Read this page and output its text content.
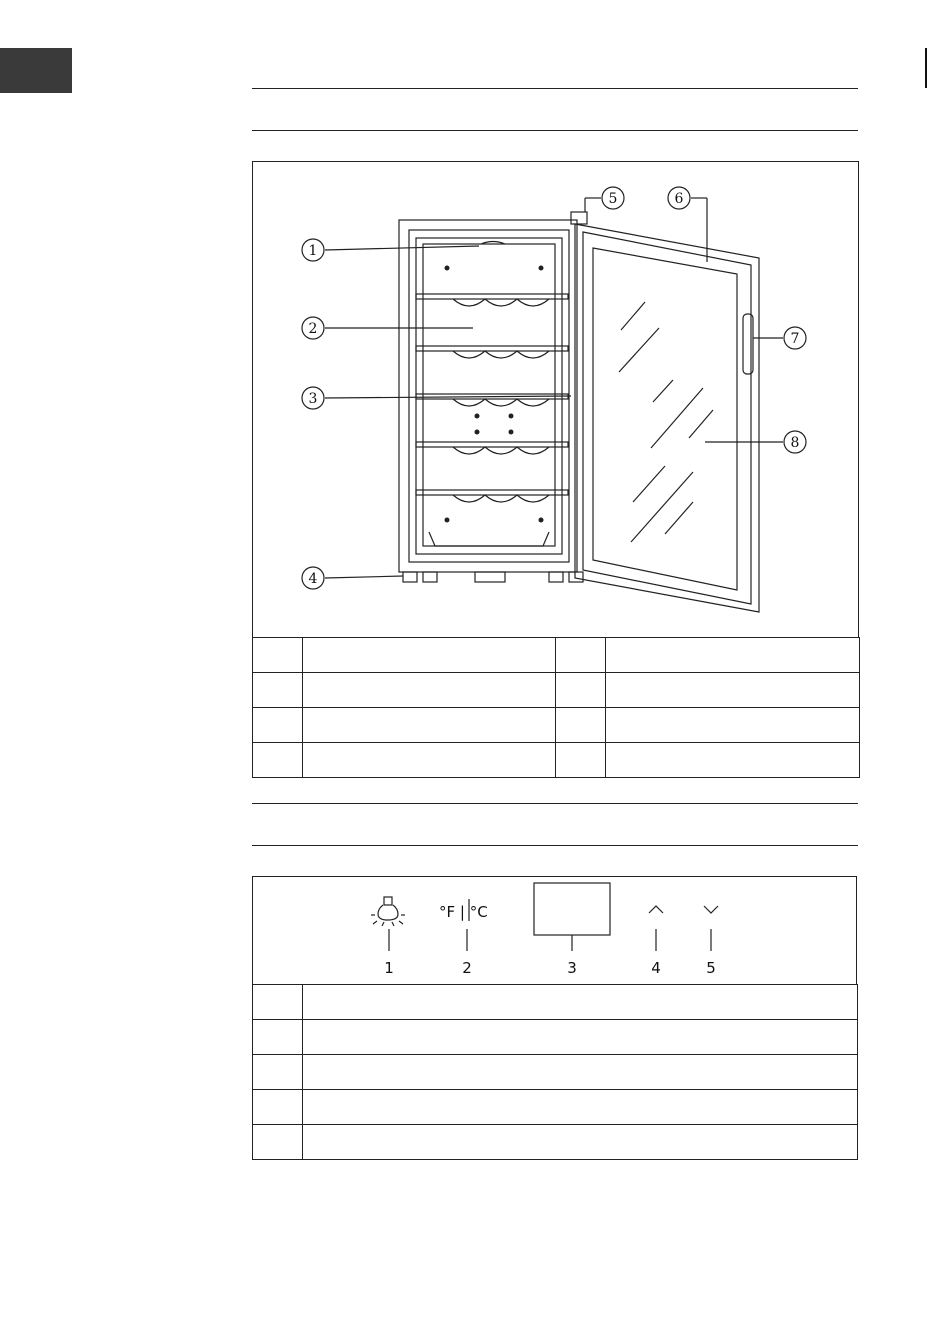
1
2
3
4
5	6
7
8

°F | °C
1	2	3	4	5
